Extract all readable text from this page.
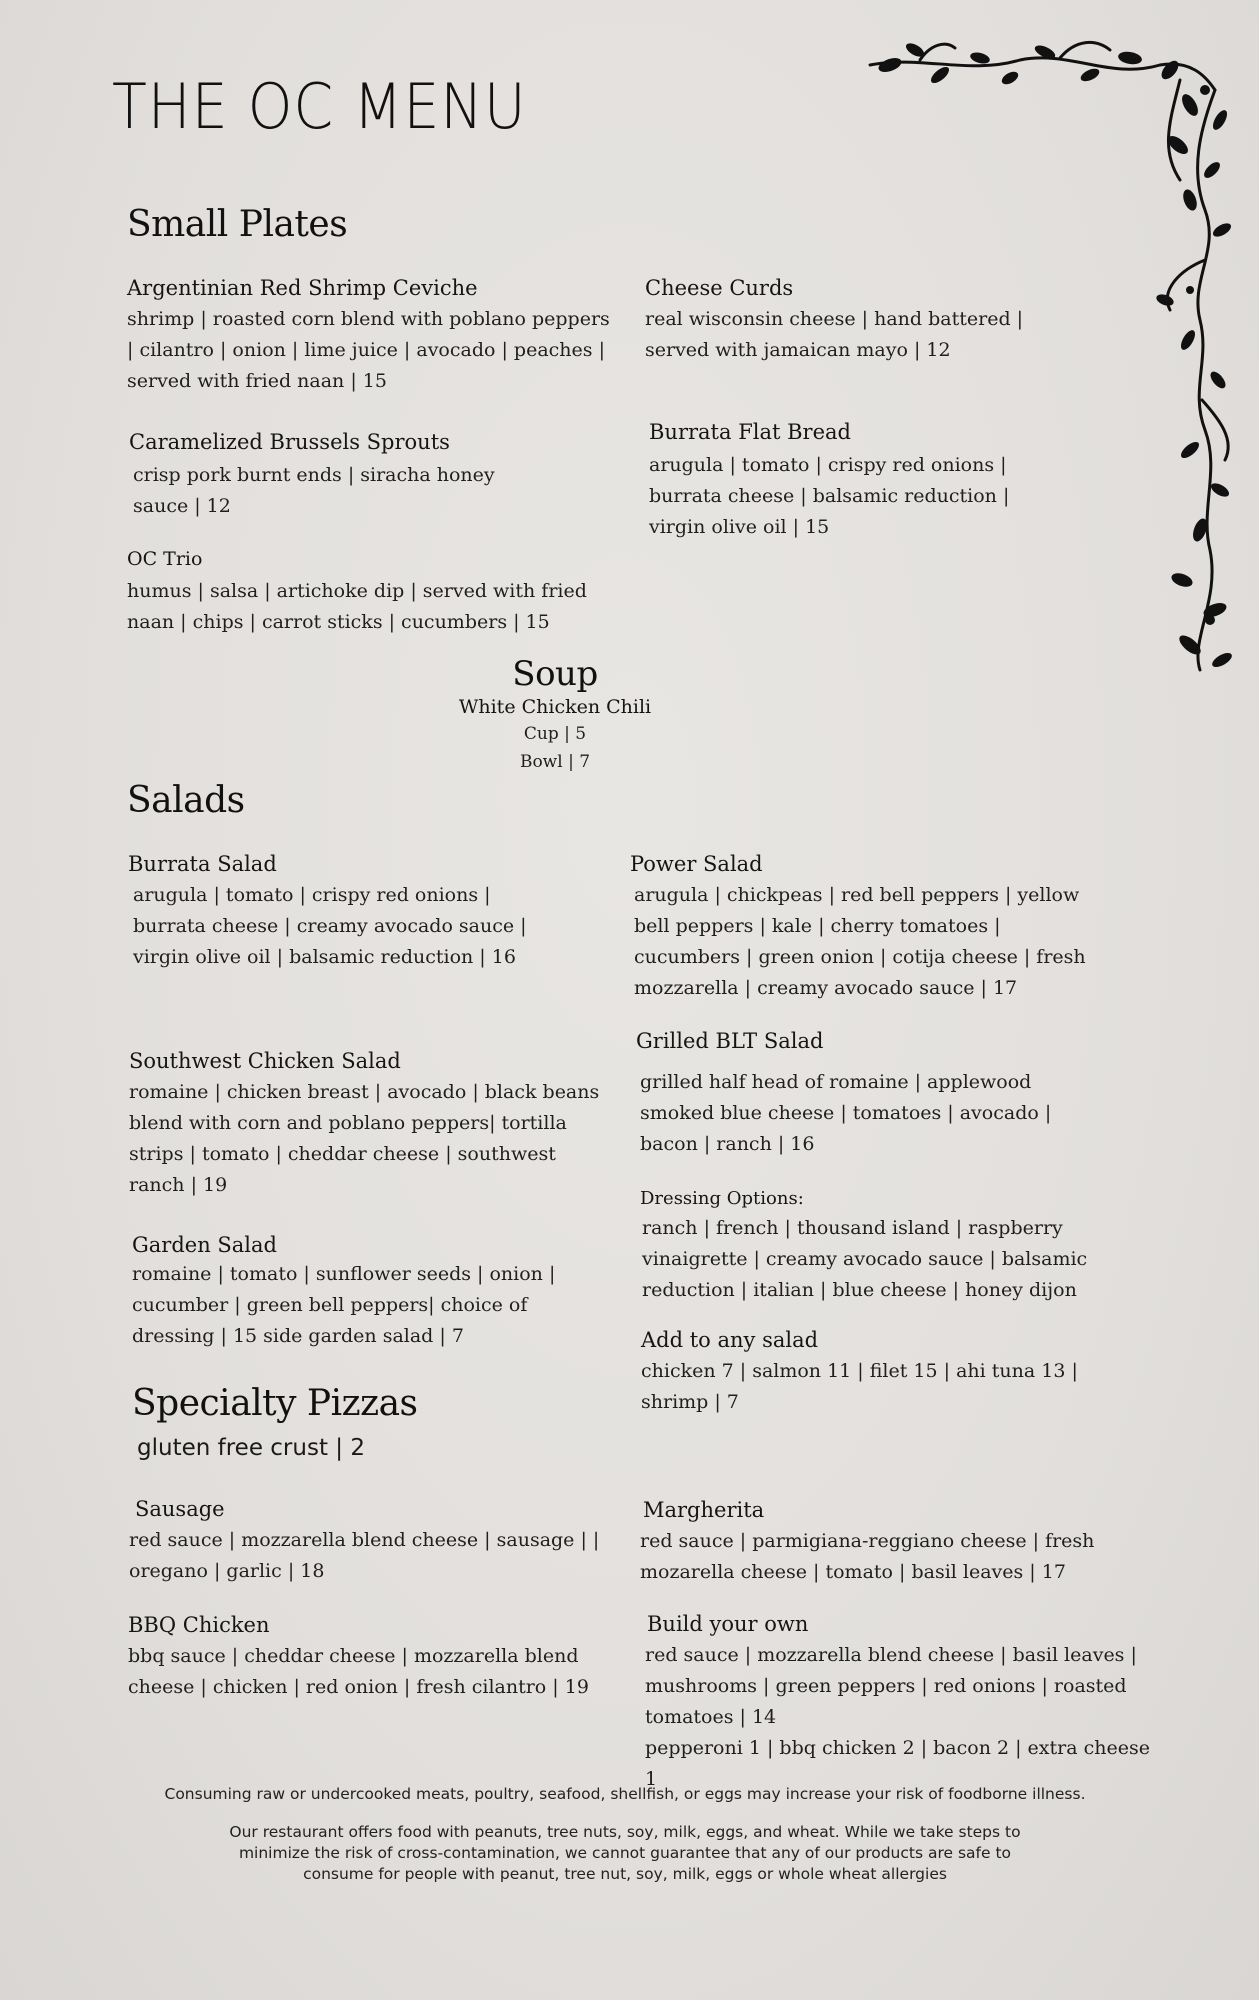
THE OC MENU
Small Plates

Argentinian Red Shrimp Ceviche

shrimp | roasted corn blend with poblano peppers

| cilantro | onion | lime juice | avocado | peaches |

served with fried naan | 15

Cheese Curds

real wisconsin cheese | hand battered |

served with jamaican mayo | 12

Caramelized Brussels Sprouts

crisp pork burnt ends | siracha honey

sauce | 12

Burrata Flat Bread

arugula | tomato | crispy red onions |

burrata cheese | balsamic reduction |

virgin olive oil | 15

OC Trio

humus | salsa | artichoke dip | served with fried

naan | chips | carrot sticks | cucumbers | 15

Soup

White Chicken Chili

Cup | 5

Bowl | 7

Salads

Burrata Salad

arugula | tomato | crispy red onions |

burrata cheese | creamy avocado sauce |

virgin olive oil | balsamic reduction | 16

Power Salad

arugula | chickpeas | red bell peppers | yellow

bell peppers | kale | cherry tomatoes |

cucumbers | green onion | cotija cheese | fresh

mozzarella | creamy avocado sauce | 17

Grilled BLT Salad

grilled half head of romaine | applewood

smoked blue cheese | tomatoes | avocado |

bacon | ranch | 16

Southwest Chicken Salad

romaine | chicken breast | avocado | black beans

blend with corn and poblano peppers| tortilla

strips | tomato | cheddar cheese | southwest

ranch | 19

Dressing Options:

ranch | french | thousand island | raspberry

vinaigrette | creamy avocado sauce | balsamic

reduction | italian | blue cheese | honey dijon

Garden Salad

romaine | tomato | sunflower seeds | onion |

cucumber | green bell peppers| choice of

dressing | 15 side garden salad | 7	Add to any salad

chicken 7 | salmon 11 | filet 15 | ahi tuna 13 |

shrimp | 7

Specialty Pizzas

gluten free crust | 2

Sausage

red sauce | mozzarella blend cheese | sausage | |

oregano | garlic | 18

Margherita

red sauce | parmigiana-reggiano cheese | fresh

mozarella cheese | tomato | basil leaves | 17

BBQ Chicken

bbq sauce | cheddar cheese | mozzarella blend

cheese | chicken | red onion | fresh cilantro | 19

Build your own

red sauce | mozzarella blend cheese | basil leaves |

mushrooms | green peppers | red onions | roasted

tomatoes | 14

pepperoni 1 | bbq chicken 2 | bacon 2 | extra cheese 1

Consuming raw or undercooked meats, poultry, seafood, shellfish, or eggs may increase your risk of foodborne illness.

Our restaurant offers food with peanuts, tree nuts, soy, milk, eggs, and wheat. While we take steps to

minimize the risk of cross-contamination, we cannot guarantee that any of our products are safe to

consume for people with peanut, tree nut, soy, milk, eggs or whole wheat allergies
